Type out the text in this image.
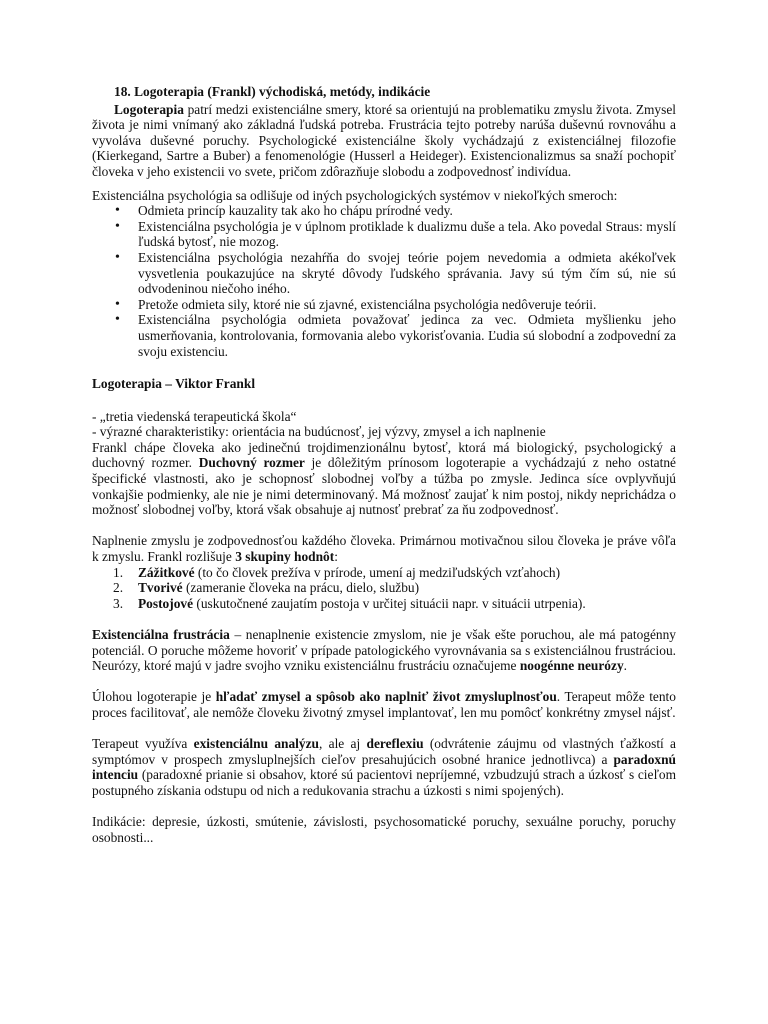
18. Logoterapia (Frankl) východiská, metódy, indikácie

Logoterapia patrí medzi existenciálne smery, ktoré sa orientujú na problematiku zmyslu života. Zmysel života je nimi vnímaný ako základná ľudská potreba. Frustrácia tejto potreby narúša duševnú rovnováhu a vyvoláva duševné poruchy. Psychologické existenciálne školy vychádzajú z existenciálnej filozofie (Kierkegand, Sartre a Buber) a fenomenológie (Husserl a Heideger). Existencionalizmus sa snaží pochopiť človeka v jeho existencii vo svete, pričom zdôrazňuje slobodu a zodpovednosť indivídua.

Existenciálna psychológia sa odlišuje od iných psychologických systémov v niekoľkých smeroch:

• Odmieta princíp kauzality tak ako ho chápu prírodné vedy.
• Existenciálna psychológia je v úplnom protiklade k dualizmu duše a tela. Ako povedal Straus: myslí ľudská bytosť, nie mozog.
• Existenciálna psychológia nezahŕňa do svojej teórie pojem nevedomia a odmieta akékoľvek vysvetlenia poukazujúce na skryté dôvody ľudského správania. Javy sú tým čím sú, nie sú odvodeninou niečoho iného.
• Pretože odmieta sily, ktoré nie sú zjavné, existenciálna psychológia nedôveruje teórii.
• Existenciálna psychológia odmieta považovať jedinca za vec. Odmieta myšlienku jeho usmerňovania, kontrolovania, formovania alebo vykorisťovania. Ľudia sú slobodní a zodpovední za svoju existenciu.
Logoterapia – Viktor Frankl

- „tretia viedenská terapeutická škola“

- výrazné charakteristiky: orientácia na budúcnosť, jej výzvy, zmysel a ich naplnenie

Frankl chápe človeka ako jedinečnú trojdimenzionálnu bytosť, ktorá má biologický, psychologický a duchovný rozmer. Duchovný rozmer je dôležitým prínosom logoterapie a vychádzajú z neho ostatné špecifické vlastnosti, ako je schopnosť slobodnej voľby a túžba po zmysle. Jedinca síce ovplyvňujú vonkajšie podmienky, ale nie je nimi determinovaný. Má možnosť zaujať k nim postoj, nikdy neprichádza o možnosť slobodnej voľby, ktorá však obsahuje aj nutnosť prebrať za ňu zodpovednosť.

Naplnenie zmyslu je zodpovednosťou každého človeka. Primárnou motivačnou silou človeka je práve vôľa k zmyslu. Frankl rozlišuje 3 skupiny hodnôt:

1. Zážitkové (to čo človek prežíva v prírode, umení aj medziľudských vzťahoch)
2. Tvorivé (zameranie človeka na prácu, dielo, službu)
3. Postojové (uskutočnené zaujatím postoja v určitej situácii napr. v situácii utrpenia).

Existenciálna frustrácia – nenaplnenie existencie zmyslom, nie je však ešte poruchou, ale má patogénny potenciál. O poruche môžeme hovoriť v prípade patologického vyrovnávania sa s existenciálnou frustráciou. Neurózy, ktoré majú v jadre svojho vzniku existenciálnu frustráciu označujeme noogénne neurózy.

Úlohou logoterapie je hľadať zmysel a spôsob ako naplniť život zmysluplnosťou. Terapeut môže tento proces facilitovať, ale nemôže človeku životný zmysel implantovať, len mu pomôcť konkrétny zmysel nájsť.

Terapeut využíva existenciálnu analýzu, ale aj dereflexiu (odvrátenie záujmu od vlastných ťažkostí a symptómov v prospech zmysluplnejších cieľov presahujúcich osobné hranice jednotlivca) a paradoxnú intenciu (paradoxné prianie si obsahov, ktoré sú pacientovi nepríjemné, vzbudzujú strach a úzkosť s cieľom postupného získania odstupu od nich a redukovania strachu a úzkosti s nimi spojených).

Indikácie: depresie, úzkosti, smútenie, závislosti, psychosomatické poruchy, sexuálne poruchy, poruchy osobnosti...
